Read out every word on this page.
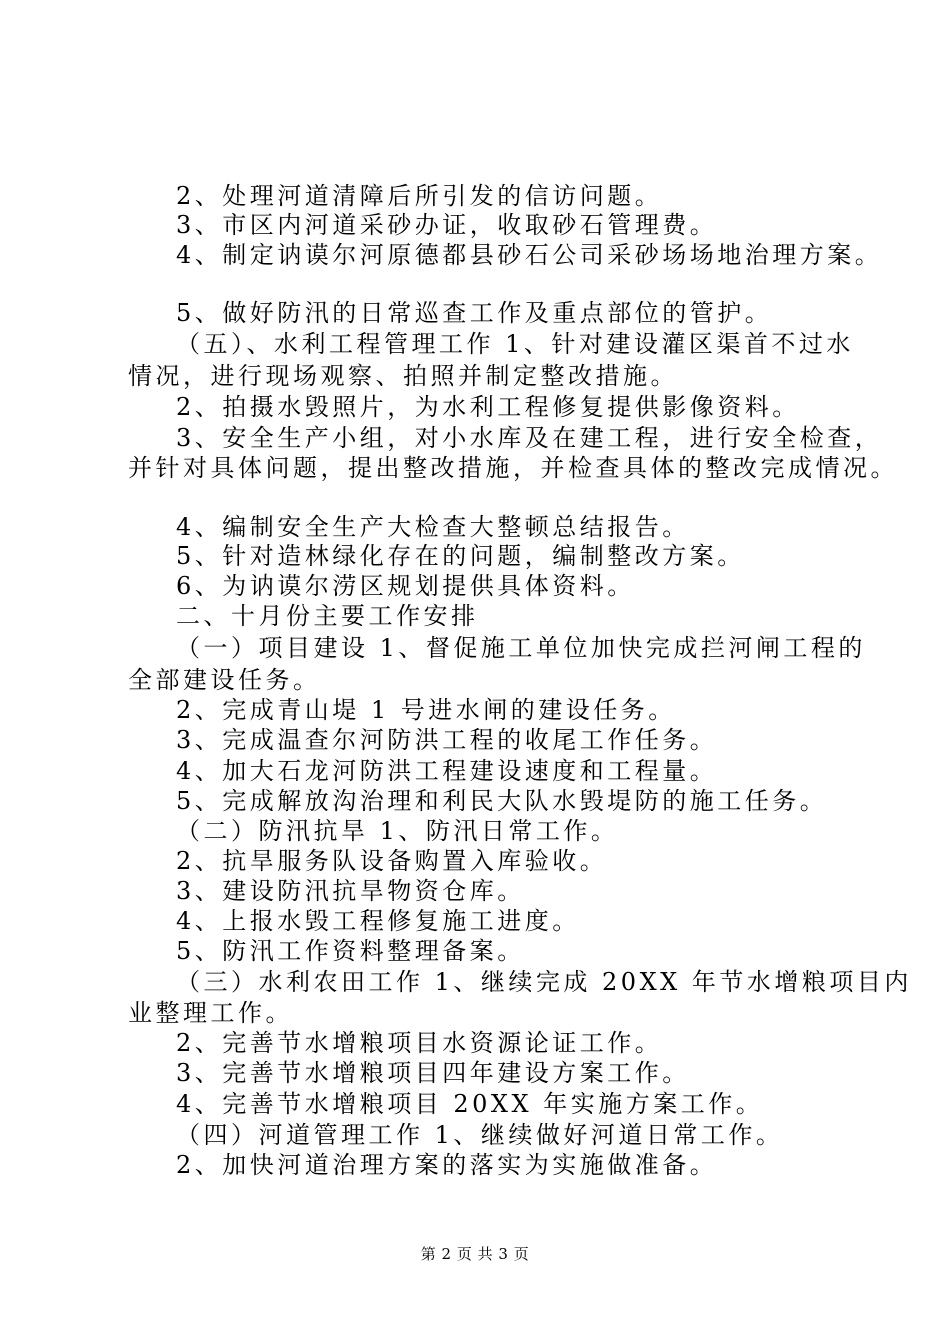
2、处理河道清障后所引发的信访问题。
3、市区内河道采砂办证，收取砂石管理费。
4、制定讷谟尔河原德都县砂石公司采砂场场地治理方案。
5、做好防汛的日常巡查工作及重点部位的管护。
（五）、水利工程管理工作 1、针对建设灌区渠首不过水
情况，进行现场观察、拍照并制定整改措施。
2、拍摄水毁照片，为水利工程修复提供影像资料。
3、安全生产小组，对小水库及在建工程，进行安全检查，
并针对具体问题，提出整改措施，并检查具体的整改完成情况。
4、编制安全生产大检查大整顿总结报告。
5、针对造林绿化存在的问题，编制整改方案。
6、为讷谟尔涝区规划提供具体资料。
二、十月份主要工作安排
（一）项目建设 1、督促施工单位加快完成拦河闸工程的
全部建设任务。
2、完成青山堤 1 号进水闸的建设任务。
3、完成温查尔河防洪工程的收尾工作任务。
4、加大石龙河防洪工程建设速度和工程量。
5、完成解放沟治理和利民大队水毁堤防的施工任务。
（二）防汛抗旱 1、防汛日常工作。
2、抗旱服务队设备购置入库验收。
3、建设防汛抗旱物资仓库。
4、上报水毁工程修复施工进度。
5、防汛工作资料整理备案。
（三）水利农田工作 1、继续完成 20XX 年节水增粮项目内
业整理工作。
2、完善节水增粮项目水资源论证工作。
3、完善节水增粮项目四年建设方案工作。
4、完善节水增粮项目 20XX 年实施方案工作。
（四）河道管理工作 1、继续做好河道日常工作。
2、加快河道治理方案的落实为实施做准备。
第 2 页 共 3 页
